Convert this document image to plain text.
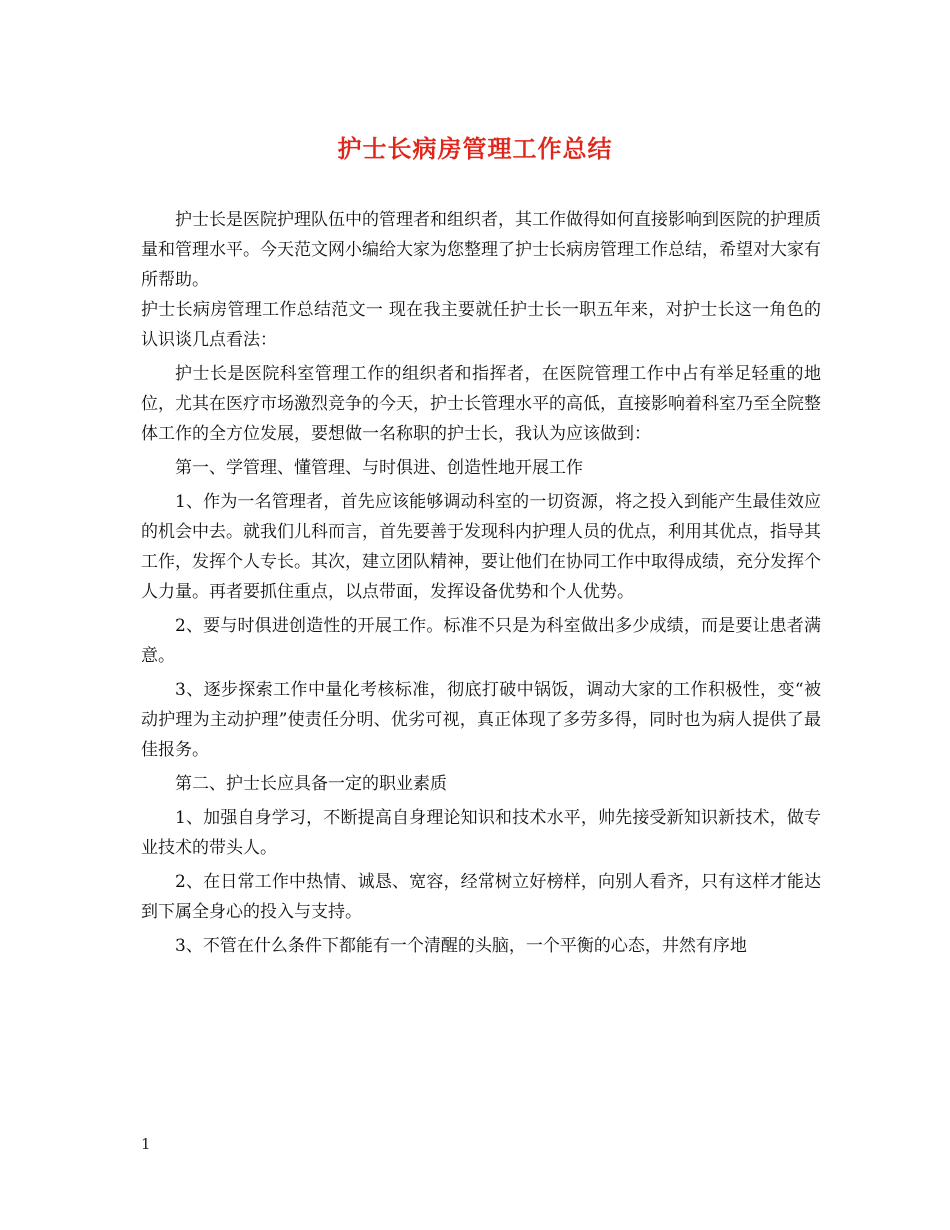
护士长病房管理工作总结

护士长是医院护理队伍中的管理者和组织者，其工作做得如何直接影响到医院的护理质量和管理水平。今天范文网小编给大家为您整理了护士长病房管理工作总结，希望对大家有所帮助。

护士长病房管理工作总结范文一 现在我主要就任护士长一职五年来，对护士长这一角色的认识谈几点看法：

护士长是医院科室管理工作的组织者和指挥者，在医院管理工作中占有举足轻重的地位，尤其在医疗市场激烈竞争的今天，护士长管理水平的高低，直接影响着科室乃至全院整体工作的全方位发展，要想做一名称职的护士长，我认为应该做到：

第一、学管理、懂管理、与时俱进、创造性地开展工作

1、作为一名管理者，首先应该能够调动科室的一切资源，将之投入到能产生最佳效应的机会中去。就我们儿科而言，首先要善于发现科内护理人员的优点，利用其优点，指导其工作，发挥个人专长。其次，建立团队精神，要让他们在协同工作中取得成绩，充分发挥个人力量。再者要抓住重点，以点带面，发挥设备优势和个人优势。

2、要与时俱进创造性的开展工作。标准不只是为科室做出多少成绩，而是要让患者满意。

3、逐步探索工作中量化考核标准，彻底打破中锅饭，调动大家的工作积极性，变“被动护理为主动护理”使责任分明、优劣可视，真正体现了多劳多得，同时也为病人提供了最佳报务。

第二、护士长应具备一定的职业素质

1、加强自身学习，不断提高自身理论知识和技术水平，帅先接受新知识新技术，做专业技术的带头人。

2、在日常工作中热情、诚恳、宽容，经常树立好榜样，向别人看齐，只有这样才能达到下属全身心的投入与支持。

3、不管在什么条件下都能有一个清醒的头脑，一个平衡的心态，井然有序地

1
